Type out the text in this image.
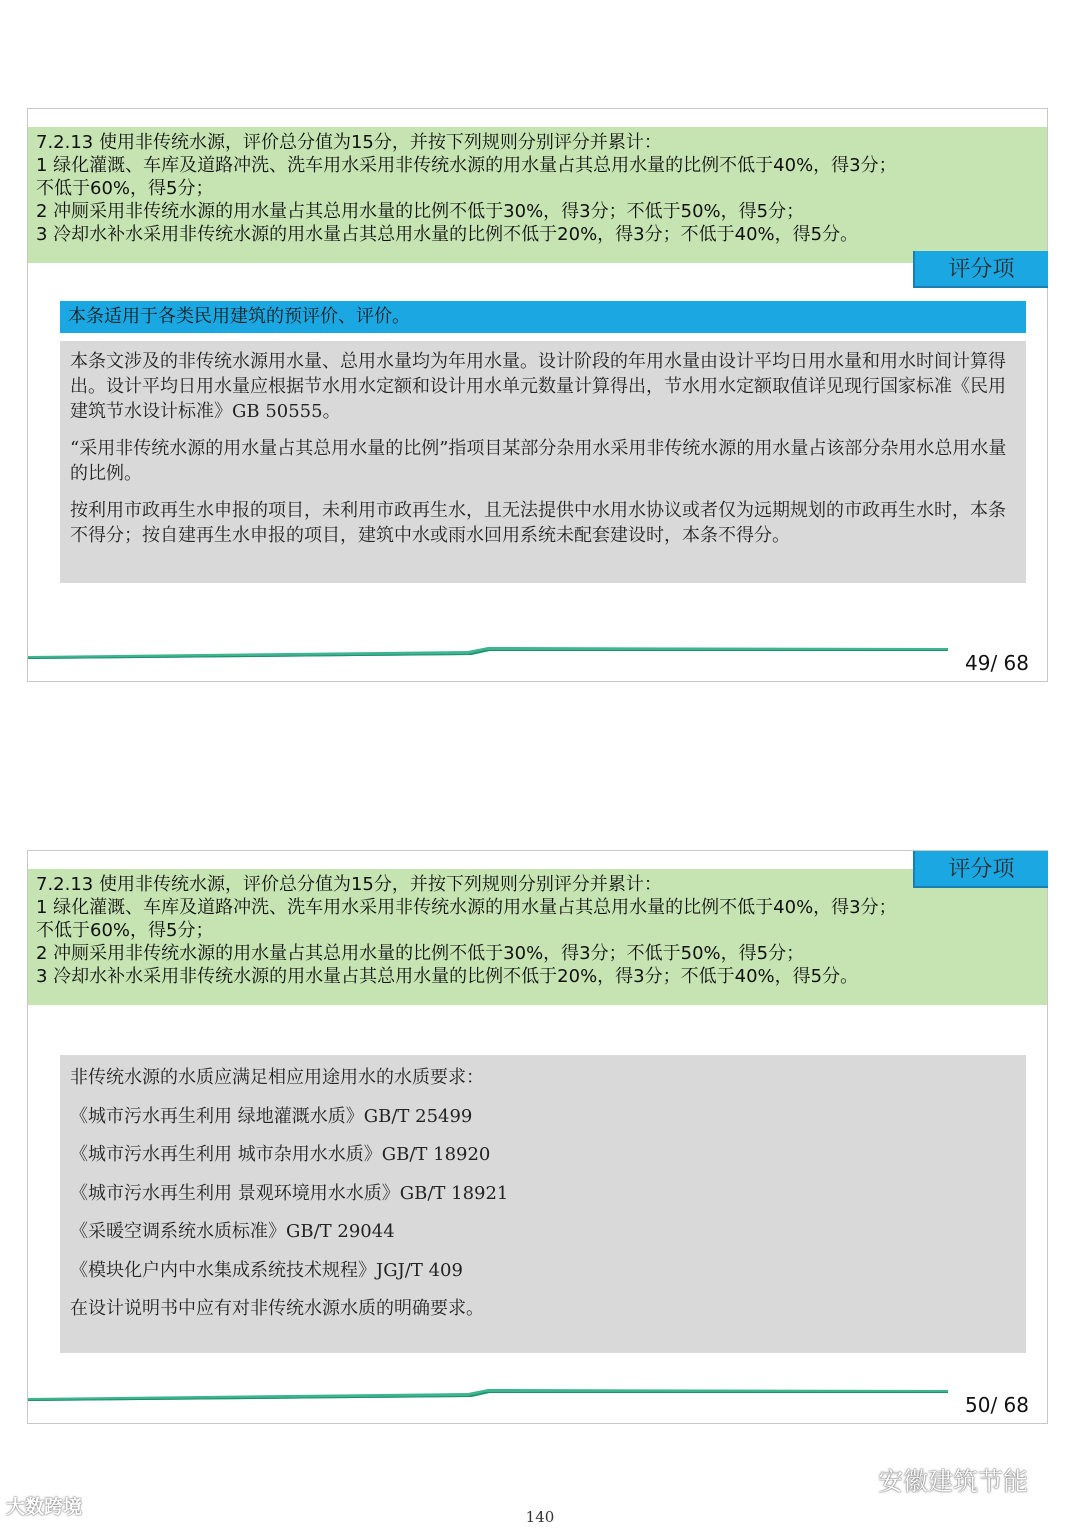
7.2.13 使用非传统水源，评价总分值为15分，并按下列规则分别评分并累计：
1 绿化灌溉、车库及道路冲洗、洗车用水采用非传统水源的用水量占其总用水量的比例不低于40%，得3分；
不低于60%，得5分；
2 冲厕采用非传统水源的用水量占其总用水量的比例不低于30%，得3分；不低于50%，得5分；
3 冷却水补水采用非传统水源的用水量占其总用水量的比例不低于20%，得3分；不低于40%，得5分。
评分项
本条适用于各类民用建筑的预评价、评价。

本条文涉及的非传统水源用水量、总用水量均为年用水量。设计阶段的年用水量由设计平均日用水量和用水时间计算得出。设计平均日用水量应根据节水用水定额和设计用水单元数量计算得出，节水用水定额取值详见现行国家标准《民用建筑节水设计标准》GB 50555。

“采用非传统水源的用水量占其总用水量的比例”指项目某部分杂用水采用非传统水源的用水量占该部分杂用水总用水量的比例。

按利用市政再生水申报的项目，未利用市政再生水，且无法提供中水用水协议或者仅为远期规划的市政再生水时，本条不得分；按自建再生水申报的项目，建筑中水或雨水回用系统未配套建设时，本条不得分。

49/ 68
7.2.13 使用非传统水源，评价总分值为15分，并按下列规则分别评分并累计：
1 绿化灌溉、车库及道路冲洗、洗车用水采用非传统水源的用水量占其总用水量的比例不低于40%，得3分；
不低于60%，得5分；
2 冲厕采用非传统水源的用水量占其总用水量的比例不低于30%，得3分；不低于50%，得5分；
3 冷却水补水采用非传统水源的用水量占其总用水量的比例不低于20%，得3分；不低于40%，得5分。
评分项
非传统水源的水质应满足相应用途用水的水质要求：
《城市污水再生利用 绿地灌溉水质》GB/T 25499
《城市污水再生利用 城市杂用水水质》GB/T 18920
《城市污水再生利用 景观环境用水水质》GB/T 18921
《采暖空调系统水质标准》GB/T 29044
《模块化户内中水集成系统技术规程》JGJ/T 409
在设计说明书中应有对非传统水源水质的明确要求。
50/ 68
大数跨境
安徽建筑节能
140
